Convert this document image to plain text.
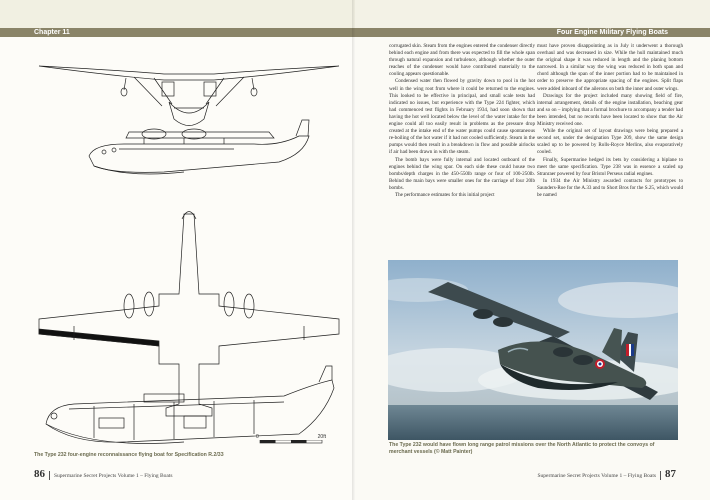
Chapter 11
0	20ft
The Type 232 four-engine reconnaissance flying boat for Specification R.2/33
86 Supermarine Secret Projects Volume 1 – Flying Boats
Four Engine Military Flying Boats

corrugated skin. Steam from the engines entered the condenser directly behind each engine and from there was expected to fill the whole span through natural expansion and turbulence, although whether the outer reaches of the condenser would have contributed materially to the cooling appears questionable.

Condensed water then flowed by gravity down to pool in the hot well in the wing root from where it could be returned to the engines. This looked to be effective in principal, and small scale tests had indicated no issues, but experience with the Type 224 fighter, which had commenced test flights in February 1934, had soon shown that having the hot well located below the level of the water intake for the engine could all too easily result in problems as the pressure drop created at the intake end of the water pumps could cause spontaneous re-boiling of the hot water if it had not cooled sufficiently. Steam in the pumps would then result in a breakdown in flow and possible airlocks if air had been drawn in with the steam.

The bomb bays were fully internal and located outboard of the engines behind the wing spar. On each side these could house two bombs/depth charges in the 450-550lb range or four of 100-250lb. Behind the main bays were smaller ones for the carriage of four 20lb bombs.

The performance estimates for this initial project

must have proven disappointing as in July it underwent a thorough overhaul and was decreased in size. While the hull maintained much the original shape it was reduced in length and the planing bottom narrowed. In a similar way the wing was reduced in both span and chord although the span of the inner portion had to be maintained in order to preserve the appropriate spacing of the engines. Split flaps were added inboard of the ailerons on both the inner and outer wings.

Drawings for the project included many showing field of fire, internal arrangement, details of the engine installation, beaching gear and so on – implying that a formal brochure to accompany a tender had been intended, but no records have been located to show that the Air Ministry received one.

While the original set of layout drawings were being prepared a second set, under the designation Type 209, show the same design scaled up to be powered by Rolls-Royce Merlins, also evaporatively cooled.

Finally, Supermarine hedged its bets by considering a biplane to meet the same specification. Type 238 was in essence a scaled up Stranraer powered by four Bristol Perseus radial engines.

In 1934 the Air Ministry awarded contracts for prototypes to Saunders-Roe for the A.33 and to Short Bros for the S.25, which would be named

The Type 232 would have flown long range patrol missions over the North Atlantic to protect the convoys of merchant vessels (© Matt Painter)
Supermarine Secret Projects Volume 1 – Flying Boats 87
